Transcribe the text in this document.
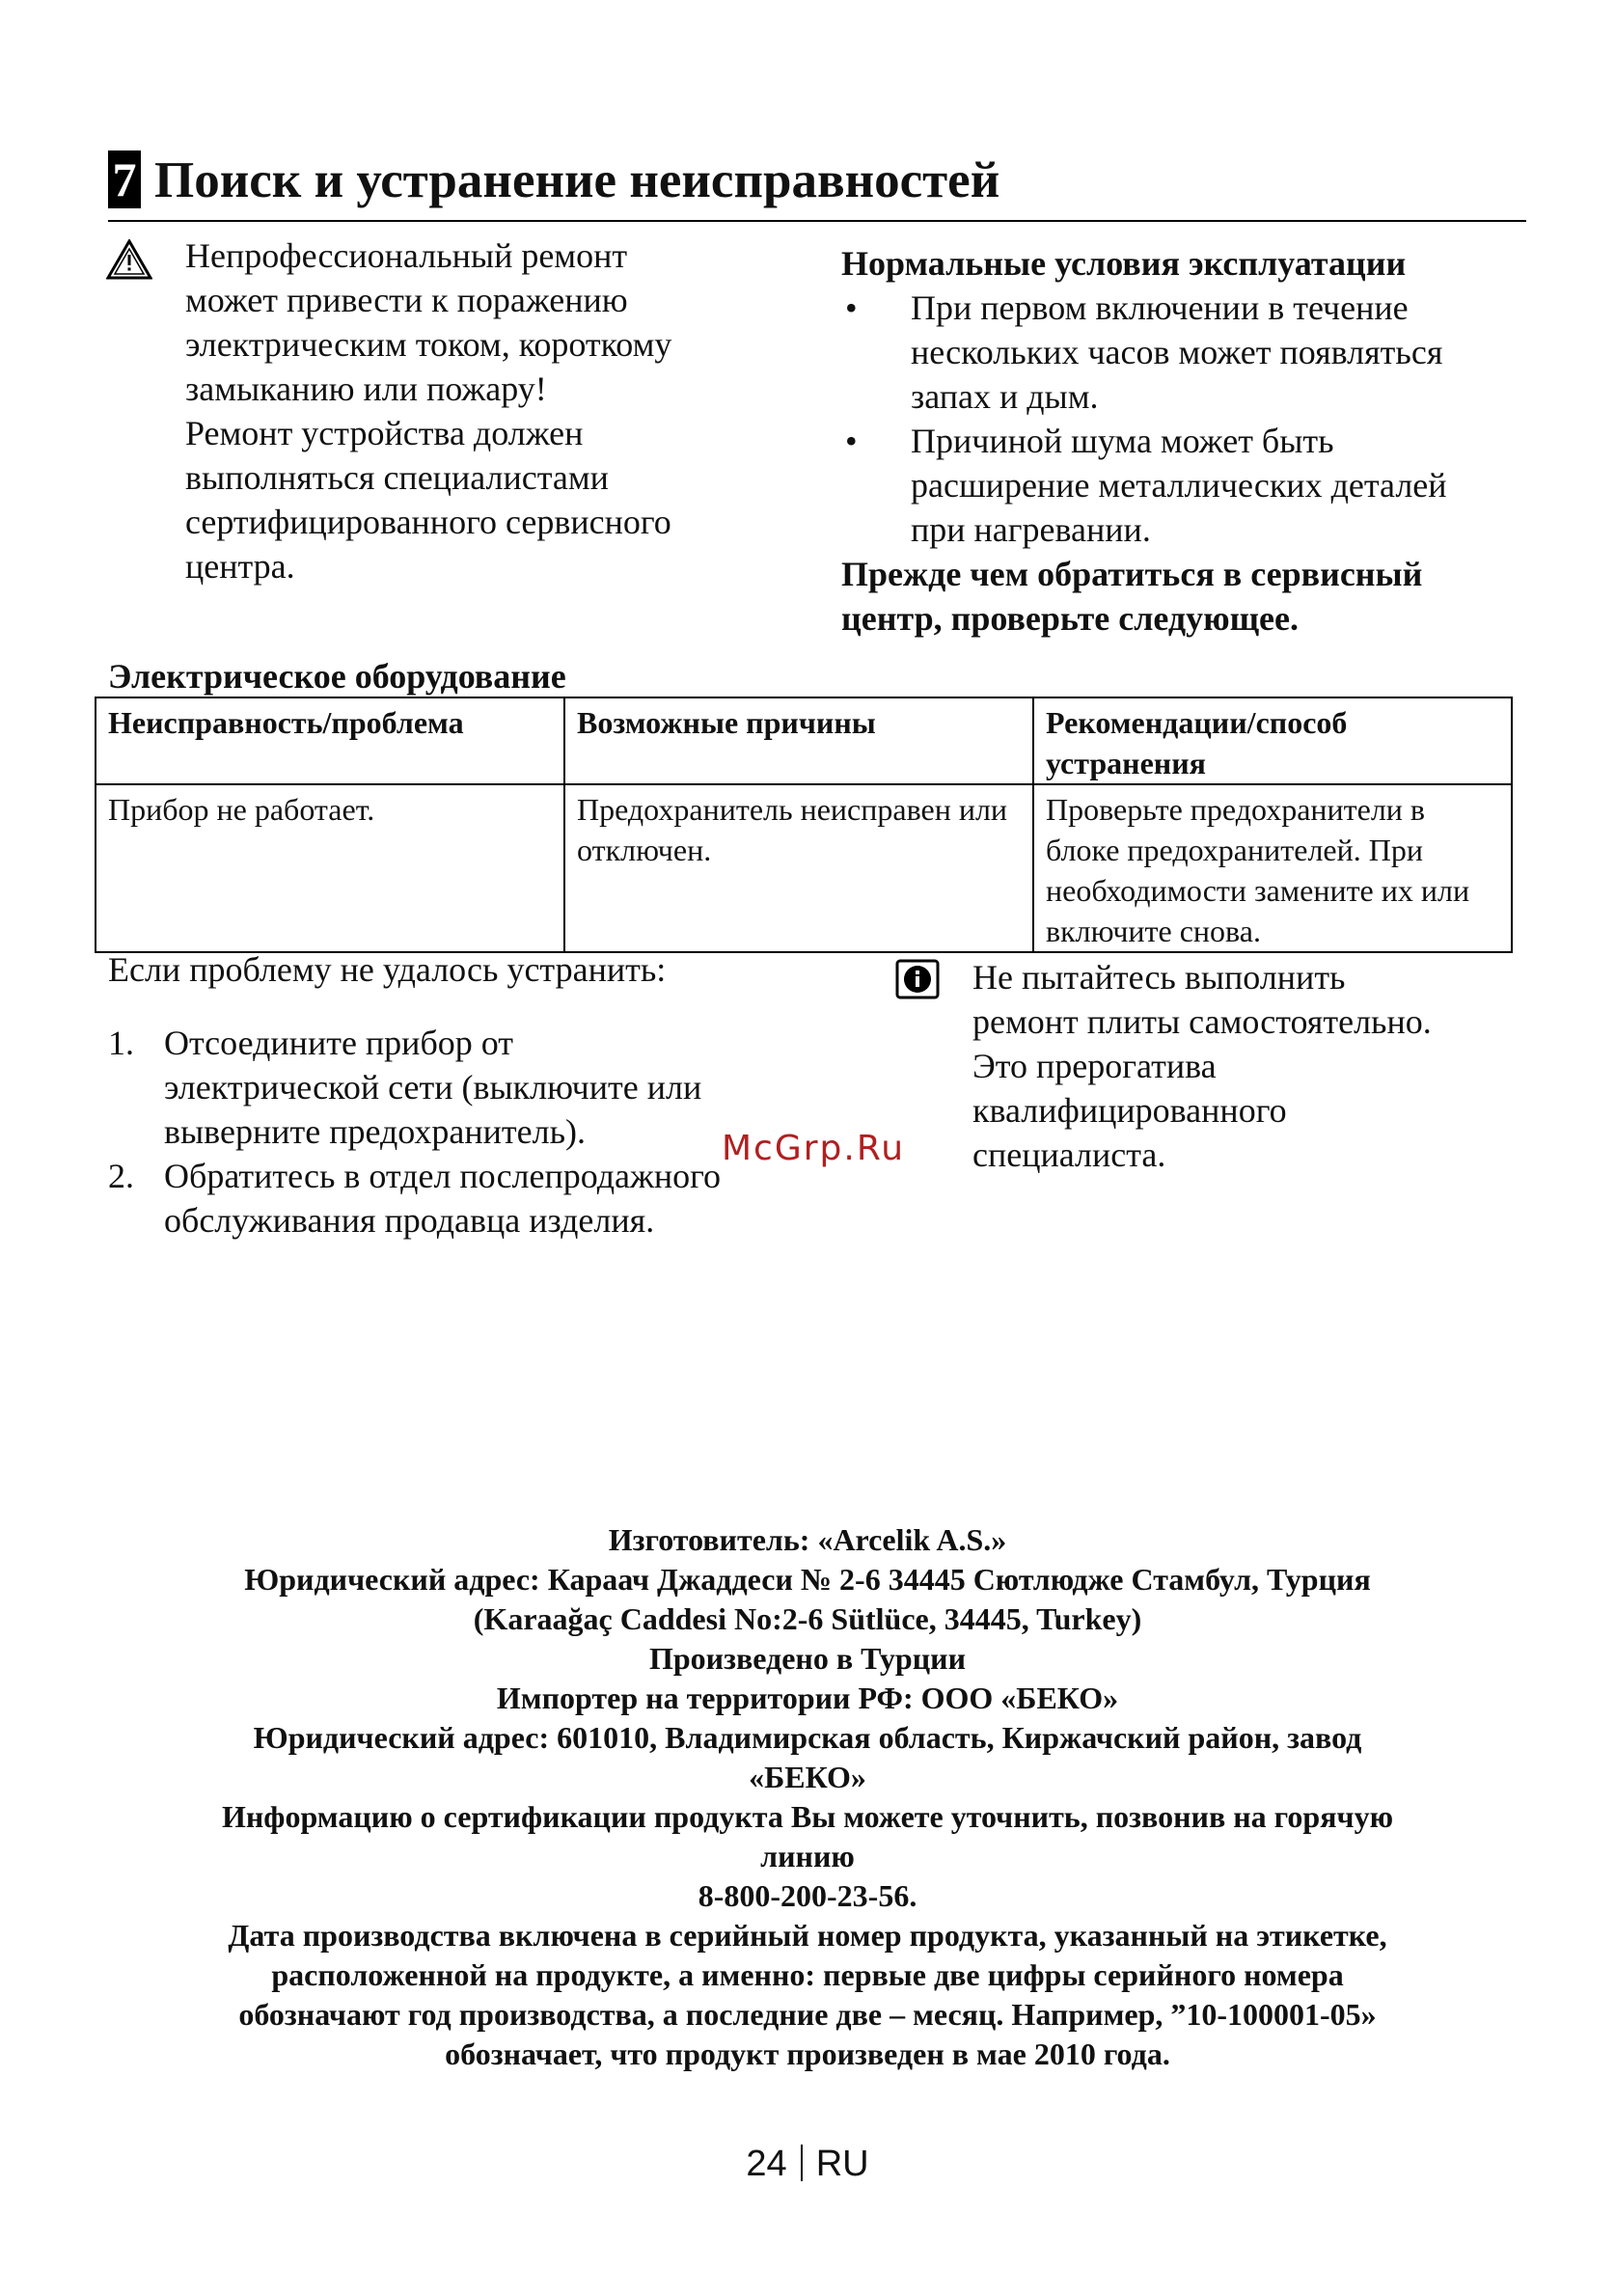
7 Поиск и устранение неисправностей

Непрофессиональный ремонт
может привести к поражению
электрическим током, короткому
замыканию или пожару!

Ремонт устройства должен
выполняться специалистами
сертифицированного сервисного
центра.

Нормальные условия эксплуатации

• При первом включении в течение
нескольких часов может появляться
запах и дым.
• Причиной шума может быть
расширение металлических деталей
при нагревании.

Прежде чем обратиться в сервисный
центр, проверьте следующее.

Электрическое оборудование
Неисправность/проблема	Возможные причины	Рекомендации/способ устранения
Прибор не работает.	Предохранитель неисправен или отключен.	Проверьте предохранители в блоке предохранителей. При необходимости замените их или включите снова.
Если проблему не удалось устранить:
1. Отсоедините прибор от
электрической сети (выключите или
выверните предохранитель).
2. Обратитесь в отдел послепродажного
обслуживания продавца изделия.
Не пытайтесь выполнить
ремонт плиты самостоятельно.
Это прерогатива
квалифицированного
специалиста.
McGrp.Ru

Изготовитель: «Arcelik A.S.»

Юридический адрес: Караач Джаддеси № 2-6 34445 Сютлюдже Стамбул, Турция

(Karaağaç Caddesi No:2-6 Sütlüce, 34445, Turkey)

Произведено в Турции

Импортер на территории РФ: ООО «БЕКО»

Юридический адрес: 601010, Владимирская область, Киржачский район, завод

«БЕКО»

Информацию о сертификации продукта Вы можете уточнить, позвонив на горячую

линию

8-800-200-23-56.

Дата производства включена в серийный номер продукта, указанный на этикетке,

расположенной на продукте, а именно: первые две цифры серийного номера

обозначают год производства, а последние две – месяц. Например, ”10-100001-05»

обозначает, что продукт произведен в мае 2010 года.

24 RU
